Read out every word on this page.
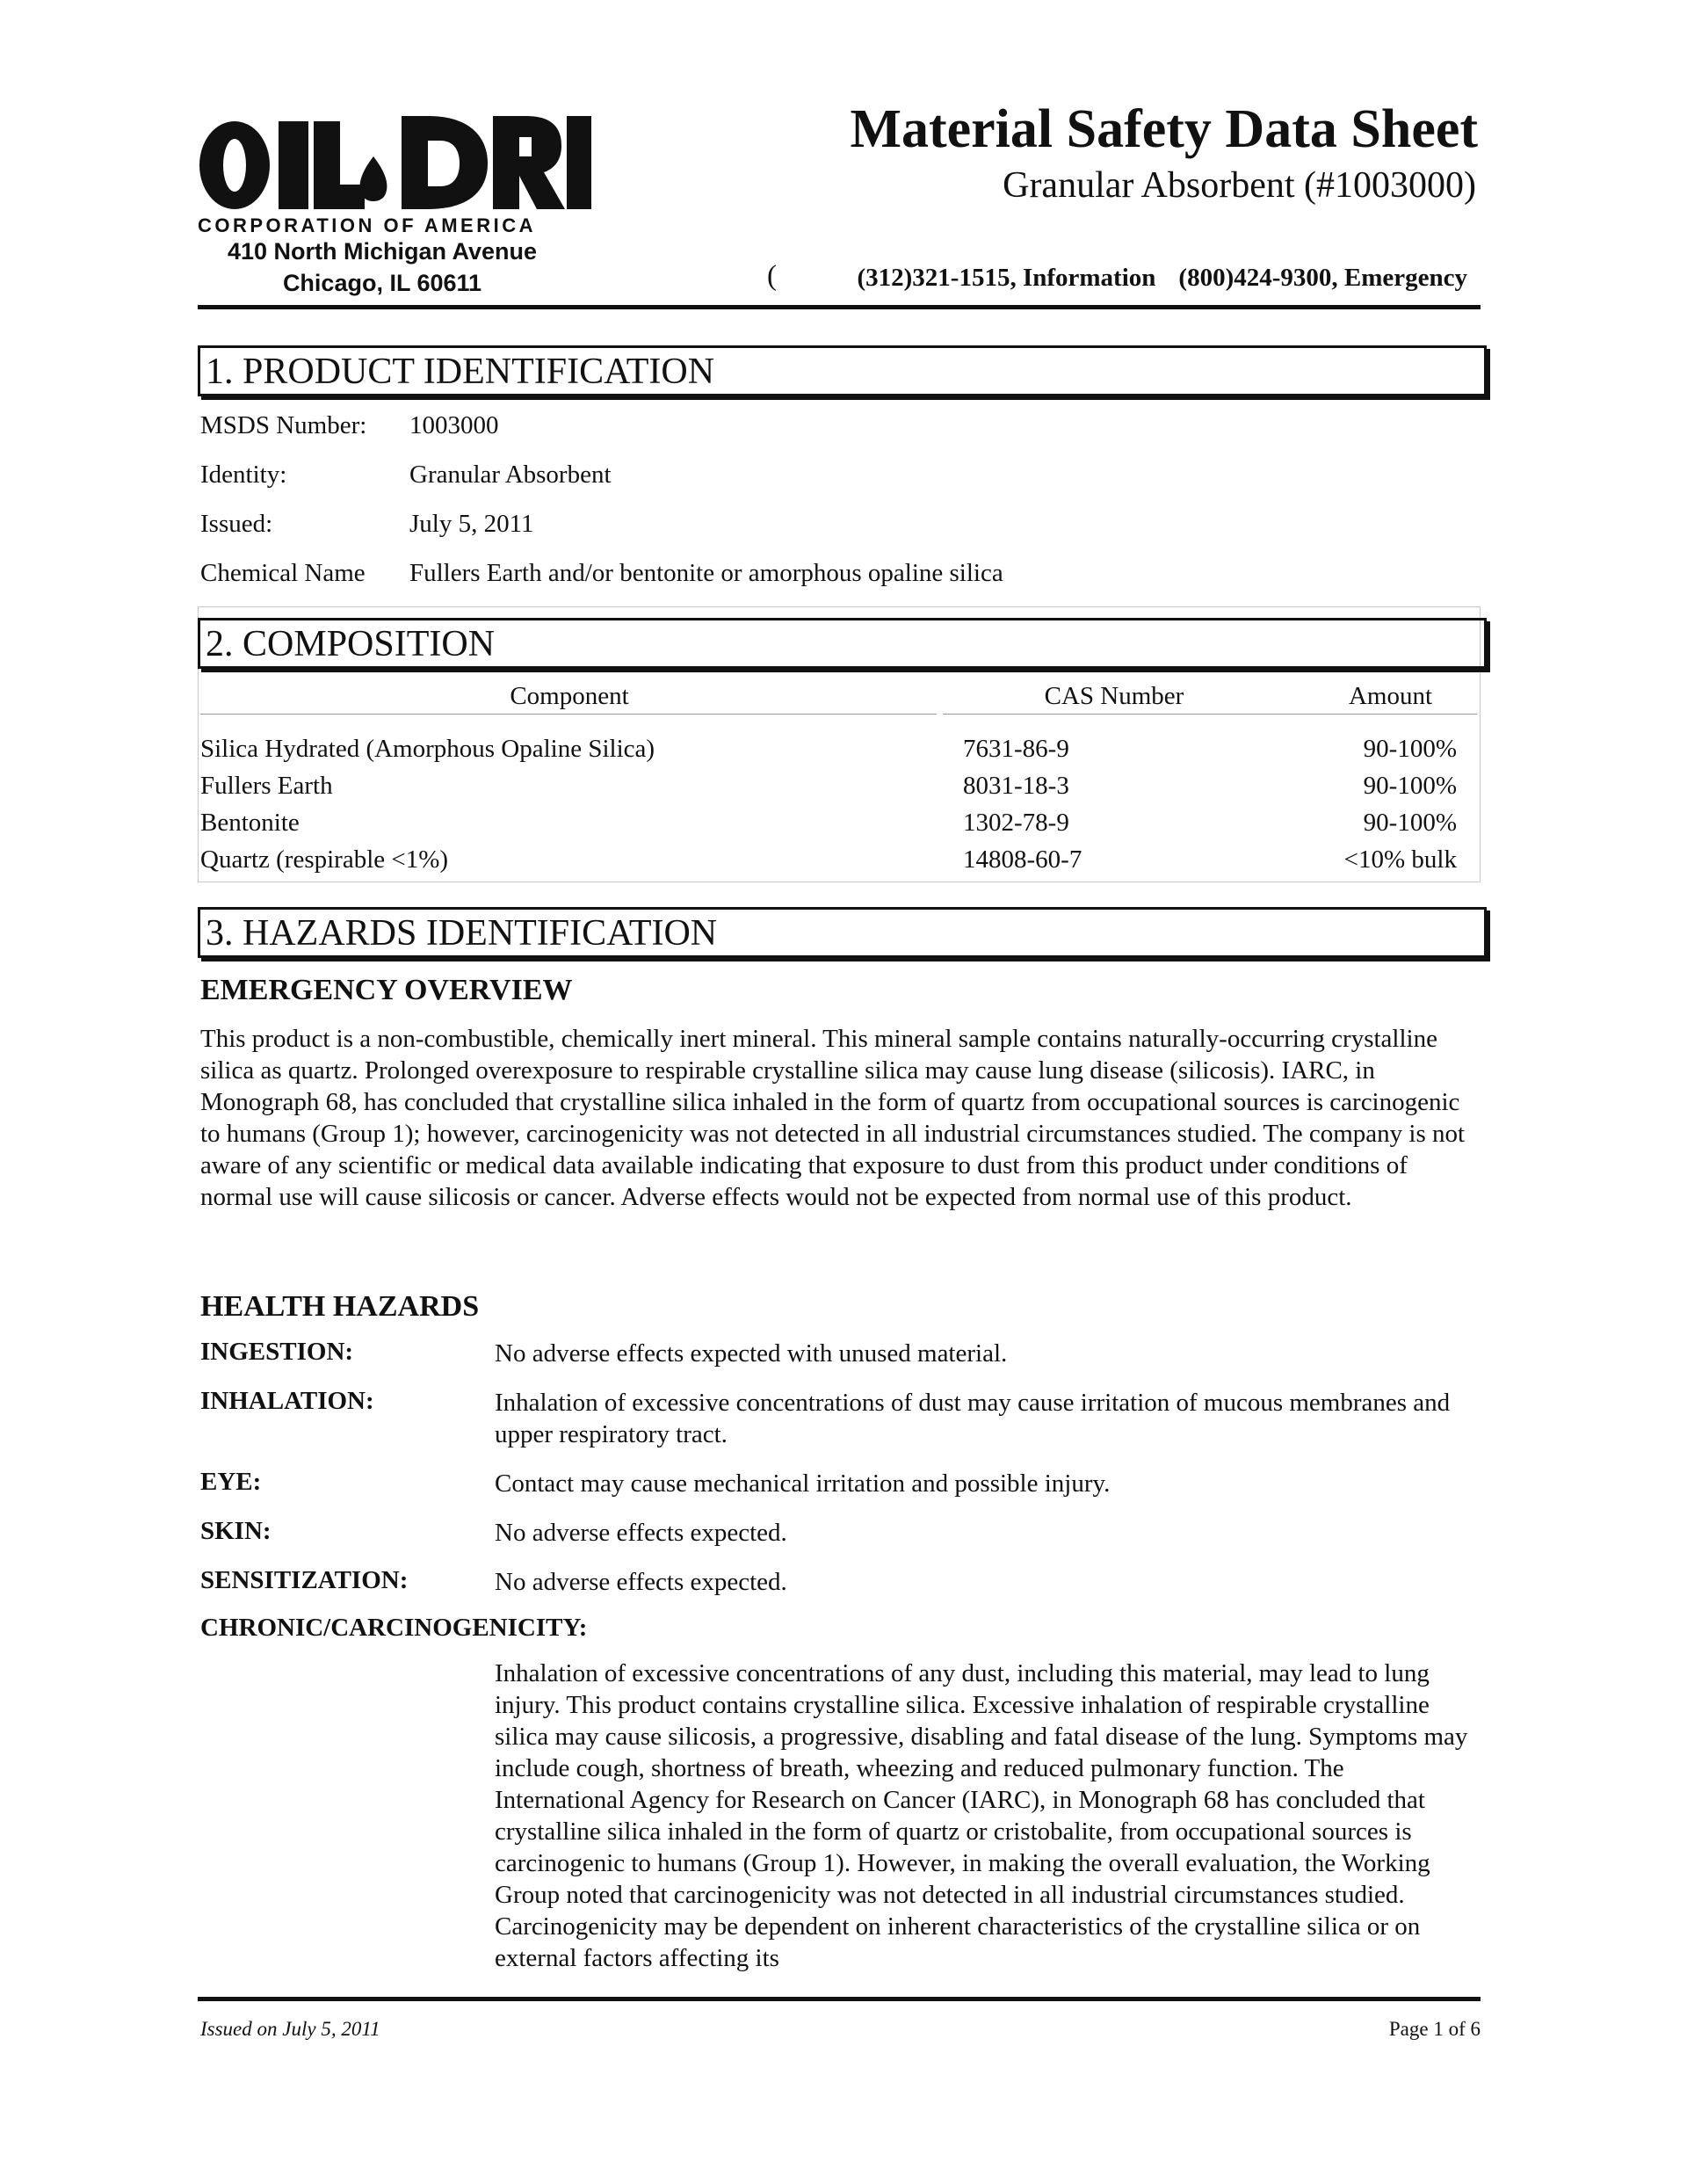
CORPORATION OF AMERICA
410 North Michigan Avenue
Chicago, IL 60611
Material Safety Data Sheet
Granular Absorbent (#1003000)
(	(312)321-1515, Information (800)424-9300, Emergency
1. PRODUCT IDENTIFICATION
MSDS Number: 1003000
Identity:	Granular Absorbent
Issued:	July 5, 2011
Chemical Name Fullers Earth and/or bentonite or amorphous opaline silica
2. COMPOSITION
Component	CAS Number	Amount
Silica Hydrated (Amorphous Opaline Silica)	7631-86-9	90-100%
Fullers Earth	8031-18-3	90-100%
Bentonite	1302-78-9	90-100%
Quartz (respirable <1%)	14808-60-7	<10% bulk
3. HAZARDS IDENTIFICATION
EMERGENCY OVERVIEW
This product is a non-combustible, chemically inert mineral. This mineral sample contains naturally-occurring crystalline silica as quartz. Prolonged overexposure to respirable crystalline silica may cause lung disease (silicosis). IARC, in Monograph 68, has concluded that crystalline silica inhaled in the form of quartz from occupational sources is carcinogenic to humans (Group 1); however, carcinogenicity was not detected in all industrial circumstances studied. The company is not aware of any scientific or medical data available indicating that exposure to dust from this product under conditions of normal use will cause silicosis or cancer. Adverse effects would not be expected from normal use of this product.
HEALTH HAZARDS
INGESTION:	No adverse effects expected with unused material.
INHALATION:	Inhalation of excessive concentrations of dust may cause irritation of mucous membranes and upper respiratory tract.
EYE:	Contact may cause mechanical irritation and possible injury.
SKIN:	No adverse effects expected.
SENSITIZATION:	No adverse effects expected.
CHRONIC/CARCINOGENICITY:
Inhalation of excessive concentrations of any dust, including this material, may lead to lung injury. This product contains crystalline silica. Excessive inhalation of respirable crystalline silica may cause silicosis, a progressive, disabling and fatal disease of the lung. Symptoms may include cough, shortness of breath, wheezing and reduced pulmonary function. The International Agency for Research on Cancer (IARC), in Monograph 68 has concluded that crystalline silica inhaled in the form of quartz or cristobalite, from occupational sources is carcinogenic to humans (Group 1). However, in making the overall evaluation, the Working Group noted that carcinogenicity was not detected in all industrial circumstances studied. Carcinogenicity may be dependent on inherent characteristics of the crystalline silica or on external factors affecting its
Issued on July 5, 2011	Page 1 of 6
